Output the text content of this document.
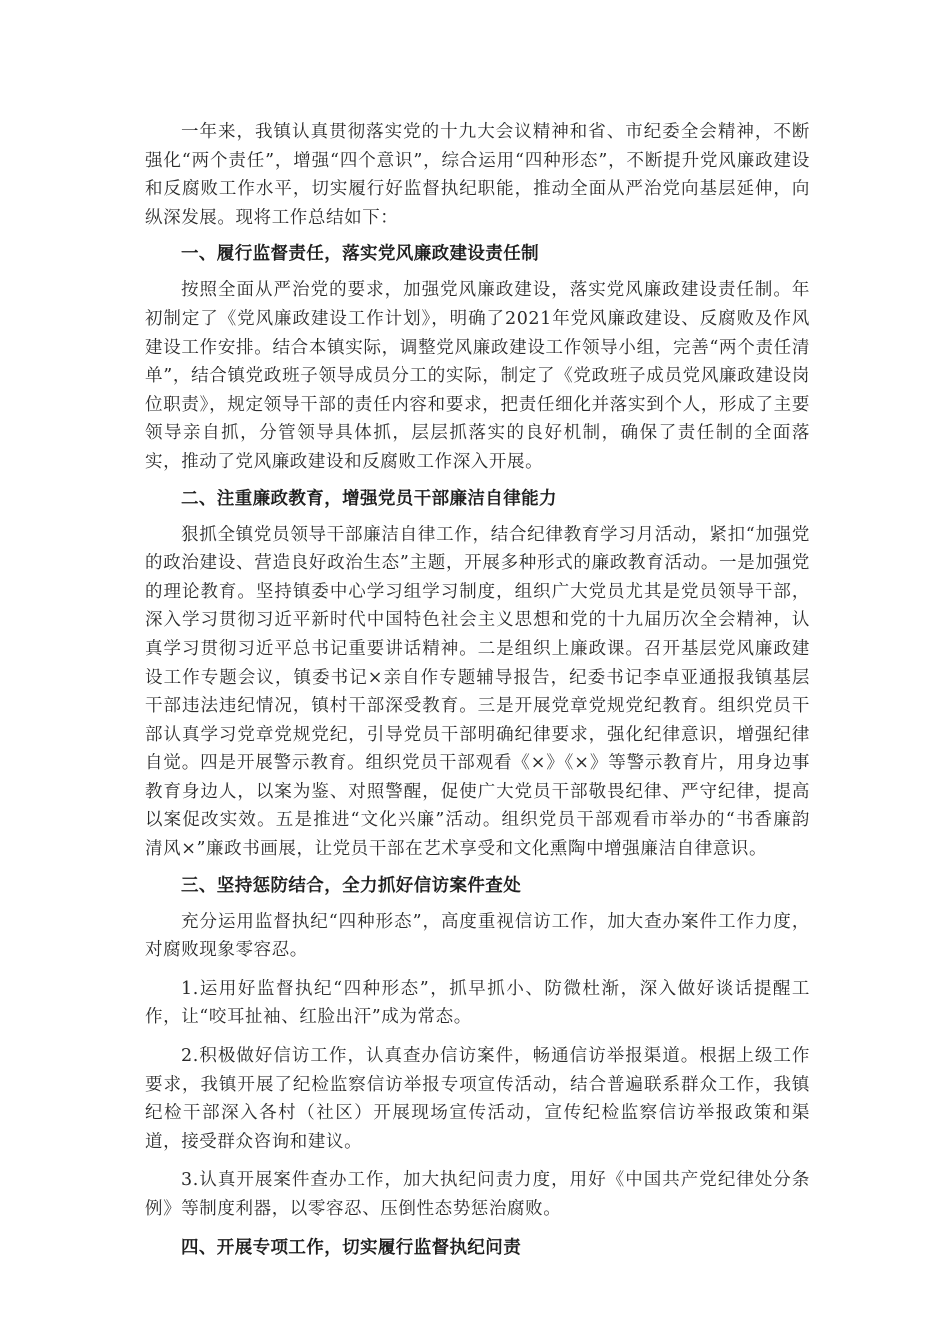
一年来，我镇认真贯彻落实党的十九大会议精神和省、市纪委全会精神，不断强化“两个责任”，增强“四个意识”，综合运用“四种形态”，不断提升党风廉政建设和反腐败工作水平，切实履行好监督执纪职能，推动全面从严治党向基层延伸，向纵深发展。现将工作总结如下：

一、履行监督责任，落实党风廉政建设责任制

按照全面从严治党的要求，加强党风廉政建设，落实党风廉政建设责任制。年初制定了《党风廉政建设工作计划》，明确了2021年党风廉政建设、反腐败及作风建设工作安排。结合本镇实际，调整党风廉政建设工作领导小组，完善“两个责任清单”，结合镇党政班子领导成员分工的实际，制定了《党政班子成员党风廉政建设岗位职责》，规定领导干部的责任内容和要求，把责任细化并落实到个人，形成了主要领导亲自抓，分管领导具体抓，层层抓落实的良好机制，确保了责任制的全面落实，推动了党风廉政建设和反腐败工作深入开展。

二、注重廉政教育，增强党员干部廉洁自律能力

狠抓全镇党员领导干部廉洁自律工作，结合纪律教育学习月活动，紧扣“加强党的政治建设、营造良好政治生态”主题，开展多种形式的廉政教育活动。一是加强党的理论教育。坚持镇委中心学习组学习制度，组织广大党员尤其是党员领导干部，深入学习贯彻习近平新时代中国特色社会主义思想和党的十九届历次全会精神，认真学习贯彻习近平总书记重要讲话精神。二是组织上廉政课。召开基层党风廉政建设工作专题会议，镇委书记×亲自作专题辅导报告，纪委书记李卓亚通报我镇基层干部违法违纪情况，镇村干部深受教育。三是开展党章党规党纪教育。组织党员干部认真学习党章党规党纪，引导党员干部明确纪律要求，强化纪律意识，增强纪律自觉。四是开展警示教育。组织党员干部观看《×》《×》等警示教育片，用身边事教育身边人，以案为鉴、对照警醒，促使广大党员干部敬畏纪律、严守纪律，提高以案促改实效。五是推进“文化兴廉”活动。组织党员干部观看市举办的“书香廉韵 清风×”廉政书画展，让党员干部在艺术享受和文化熏陶中增强廉洁自律意识。

三、坚持惩防结合，全力抓好信访案件查处

充分运用监督执纪“四种形态”，高度重视信访工作，加大查办案件工作力度，对腐败现象零容忍。

1.运用好监督执纪“四种形态”，抓早抓小、防微杜渐，深入做好谈话提醒工作，让“咬耳扯袖、红脸出汗”成为常态。

2.积极做好信访工作，认真查办信访案件，畅通信访举报渠道。根据上级工作要求，我镇开展了纪检监察信访举报专项宣传活动，结合普遍联系群众工作，我镇纪检干部深入各村（社区）开展现场宣传活动，宣传纪检监察信访举报政策和渠道，接受群众咨询和建议。

3.认真开展案件查办工作，加大执纪问责力度，用好《中国共产党纪律处分条例》等制度利器，以零容忍、压倒性态势惩治腐败。

四、开展专项工作，切实履行监督执纪问责
